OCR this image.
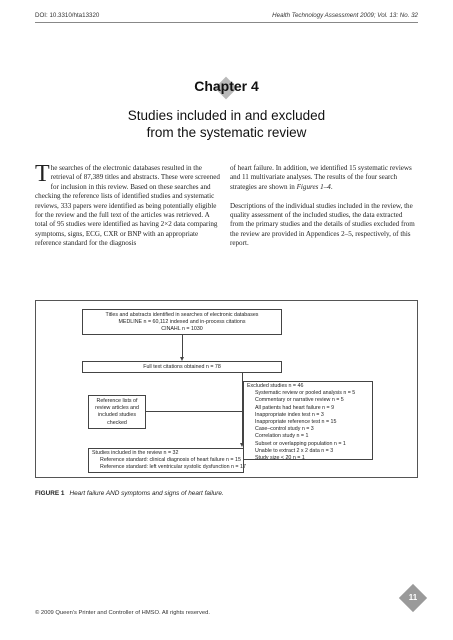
DOI: 10.3310/hta13320	Health Technology Assessment 2009; Vol. 13: No. 32
Chapter 4
Studies included in and excluded
from the systematic review

The searches of the electronic databases resulted in the retrieval of 87,389 titles and abstracts. These were screened for inclusion in this review. Based on these searches and checking the reference lists of identified studies and systematic reviews, 333 papers were identified as being potentially eligible for the review and the full text of the articles was retrieved. A total of 95 studies were identified as having 2×2 data comparing symptoms, signs, ECG, CXR or BNP with an appropriate reference standard for the diagnosis

of heart failure. In addition, we identified 15 systematic reviews and 11 multivariate analyses. The results of the four search strategies are shown in Figures 1–4.

Descriptions of the individual studies included in the review, the quality assessment of the included studies, the data extracted from the primary studies and the details of studies excluded from the review are provided in Appendices 2–5, respectively, of this report.

Titles and abstracts identified in searches of electronic databases
MEDLINE n = 60,112 indexed and in-process citations
CINAHL n = 1030
Full text citations obtained n = 78
Reference lists of
review articles and
included studies
checked
Excluded studies n = 46
Systematic review or pooled analysis n = 5
Commentary or narrative review n = 5
All patients had heart failure n = 9
Inappropriate index test n = 3
Inappropriate reference test n = 15
Case–control study n = 3
Correlation study n = 1
Subset or overlapping population n = 1
Unable to extract 2 x 2 data n = 3
Study size < 20 n = 1
Studies included in the review n = 32
Reference standard: clinical diagnosis of heart failure n = 15
Reference standard: left ventricular systolic dysfunction n = 17
FIGURE 1 Heart failure AND symptoms and signs of heart failure.
11
© 2009 Queen’s Printer and Controller of HMSO. All rights reserved.
